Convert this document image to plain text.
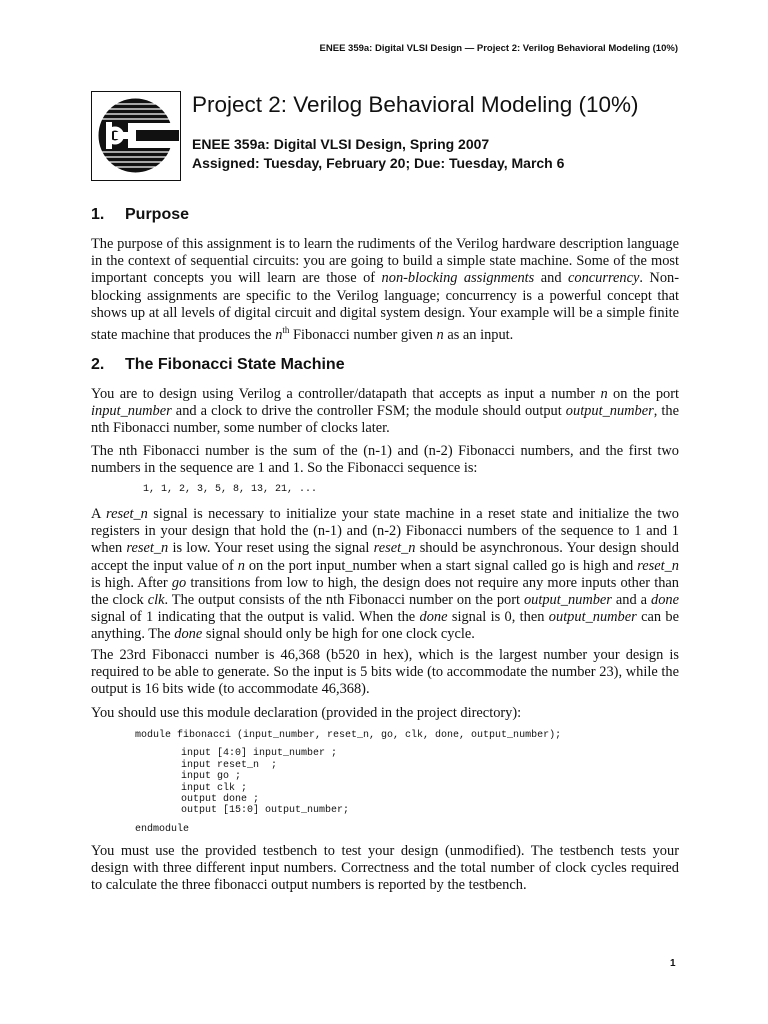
ENEE 359a: Digital VLSI Design — Project 2: Verilog Behavioral Modeling (10%)
Project 2: Verilog Behavioral Modeling (10%)
ENEE 359a: Digital VLSI Design, Spring 2007
Assigned: Tuesday, February 20; Due: Tuesday, March 6
1. Purpose

The purpose of this assignment is to learn the rudiments of the Verilog hardware description language in the context of sequential circuits: you are going to build a simple state machine. Some of the most important concepts you will learn are those of non-blocking assignments and concurrency. Non-blocking assignments are specific to the Verilog language; concurrency is a powerful concept that shows up at all levels of digital circuit and digital system design. Your example will be a simple finite state machine that produces the $n^{th}$ Fibonacci number given n as an input.

2. The Fibonacci State Machine

You are to design using Verilog a controller/datapath that accepts as input a number n on the port input_number and a clock to drive the controller FSM; the module should output output_number, the nth Fibonacci number, some number of clocks later.

The nth Fibonacci number is the sum of the (n-1) and (n-2) Fibonacci numbers, and the first two numbers in the sequence are 1 and 1. So the Fibonacci sequence is:

1, 1, 2, 3, 5, 8, 13, 21, ...

A reset_n signal is necessary to initialize your state machine in a reset state and initialize the two registers in your design that hold the (n-1) and (n-2) Fibonacci numbers of the sequence to 1 and 1 when reset_n is low. Your reset using the signal reset_n should be asynchronous. Your design should accept the input value of n on the port input_number when a start signal called go is high and reset_n is high. After go transitions from low to high, the design does not require any more inputs other than the clock clk. The output consists of the nth Fibonacci number on the port output_number and a done signal of 1 indicating that the output is valid. When the done signal is 0, then output_number can be anything. The done signal should only be high for one clock cycle.

The 23rd Fibonacci number is 46,368 (b520 in hex), which is the largest number your design is required to be able to generate. So the input is 5 bits wide (to accommodate the number 23), while the output is 16 bits wide (to accommodate 46,368).

You should use this module declaration (provided in the project directory):

module fibonacci (input_number, reset_n, go, clk, done, output_number);
input [4:0] input_number ;
input reset_n  ;
input go ;
input clk ;
output done ;
output [15:0] output_number;
endmodule

You must use the provided testbench to test your design (unmodified). The testbench tests your design with three different input numbers. Correctness and the total number of clock cycles required to calculate the three fibonacci output numbers is reported by the testbench.

1
